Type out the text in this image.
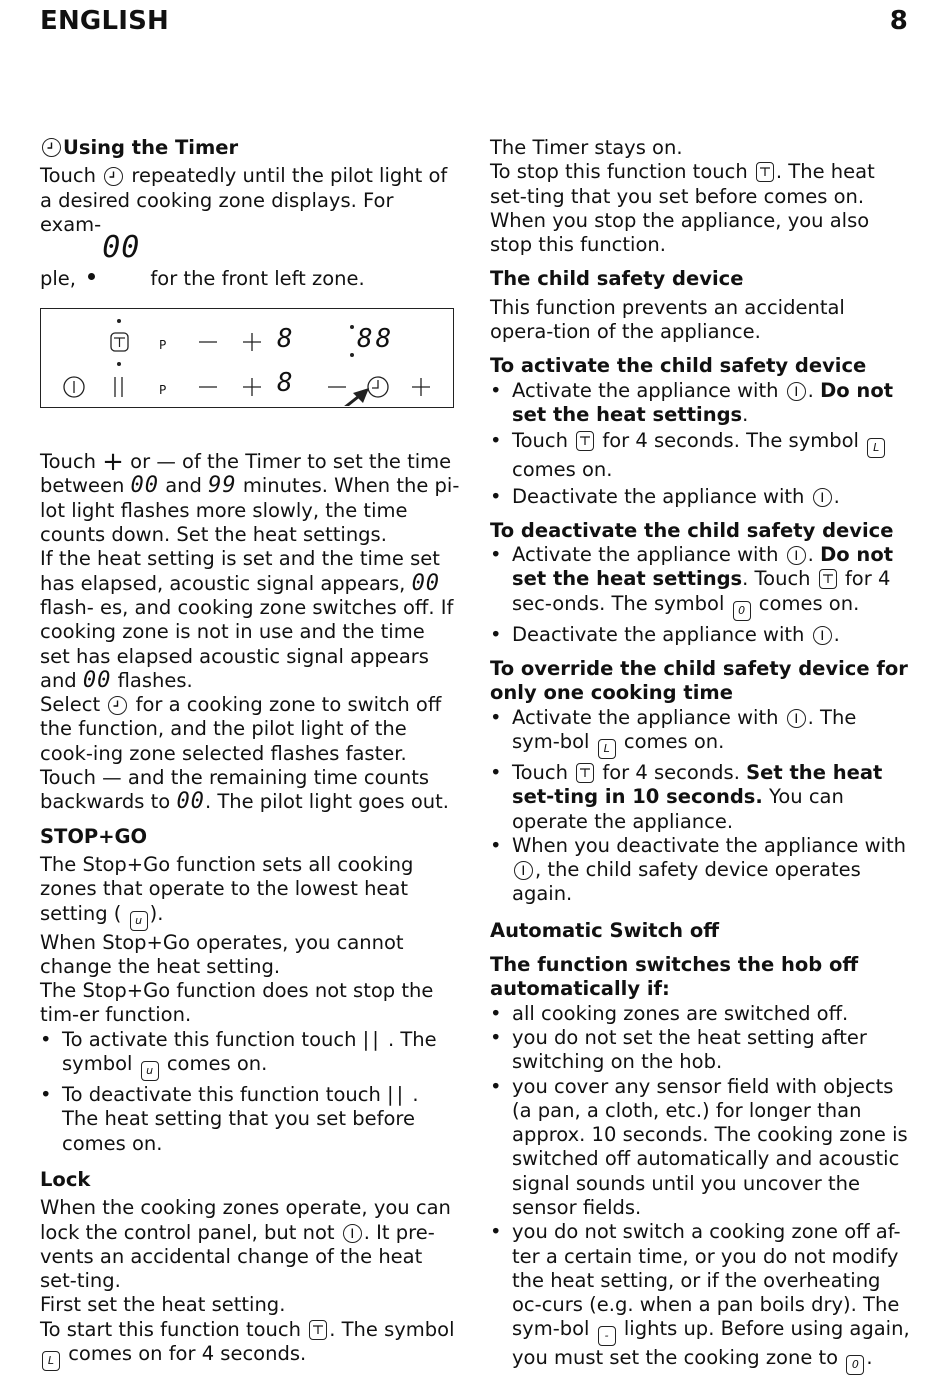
ENGLISH	8
Using the Timer

Touch repeatedly until the pilot light of a desired cooking zone displays. For exam-

ple,
00
for the front left zone.

P
P
8
8
88

Touch + or — of the Timer to set the time
between 00 and 99 minutes. When the pi- lot light flashes more slowly, the time counts down. Set the heat settings.

If the heat setting is set and the time set has elapsed, acoustic signal appears, 00 flash- es, and cooking zone switches off. If cooking zone is not in use and the time set has elapsed acoustic signal appears and 00 flashes.

Select for a cooking zone to switch off the function, and the pilot light of the cook-ing zone selected flashes faster. Touch — and the remaining time counts backwards to 00. The pilot light goes out.

STOP+GO

The Stop+Go function sets all cooking zones that operate to the lowest heat setting ( u ).

When Stop+Go operates, you cannot change the heat setting.

The Stop+Go function does not stop the tim-er function.

• To activate this function touch || . The symbol u comes on.
• To deactivate this function touch || . The heat setting that you set before comes on.
Lock

When the cooking zones operate, you can lock the control panel, but not . It pre-vents an accidental change of the heat set-ting.

First set the heat setting.

To start this function touch . The symbol L comes on for 4 seconds.

The Timer stays on.

To stop this function touch . The heat set-ting that you set before comes on.

When you stop the appliance, you also stop this function.

The child safety device

This function prevents an accidental opera-tion of the appliance.

To activate the child safety device
• Activate the appliance with . Do not set the heat settings.
• Touch for 4 seconds. The symbol L comes on.
• Deactivate the appliance with .
To deactivate the child safety device
• Activate the appliance with . Do not set the heat settings. Touch for 4 sec-onds. The symbol 0 comes on.
• Deactivate the appliance with .
To override the child safety device for only one cooking time
• Activate the appliance with . The sym-bol L comes on.
• Touch for 4 seconds. Set the heat set-ting in 10 seconds. You can operate the appliance.
• When you deactivate the appliance with
, the child safety device operates again.
Automatic Switch off
The function switches the hob off automatically if:
• all cooking zones are switched off.
• you do not set the heat setting after switching on the hob.
• you cover any sensor field with objects (a pan, a cloth, etc.) for longer than approx. 10 seconds. The cooking zone is switched off automatically and acoustic signal sounds until you uncover the sensor fields.
• you do not switch a cooking zone off af-ter a certain time, or you do not modify the heat setting, or if the overheating oc-curs (e.g. when a pan boils dry). The sym-bol - lights up. Before using again, you must set the cooking zone to 0 .
